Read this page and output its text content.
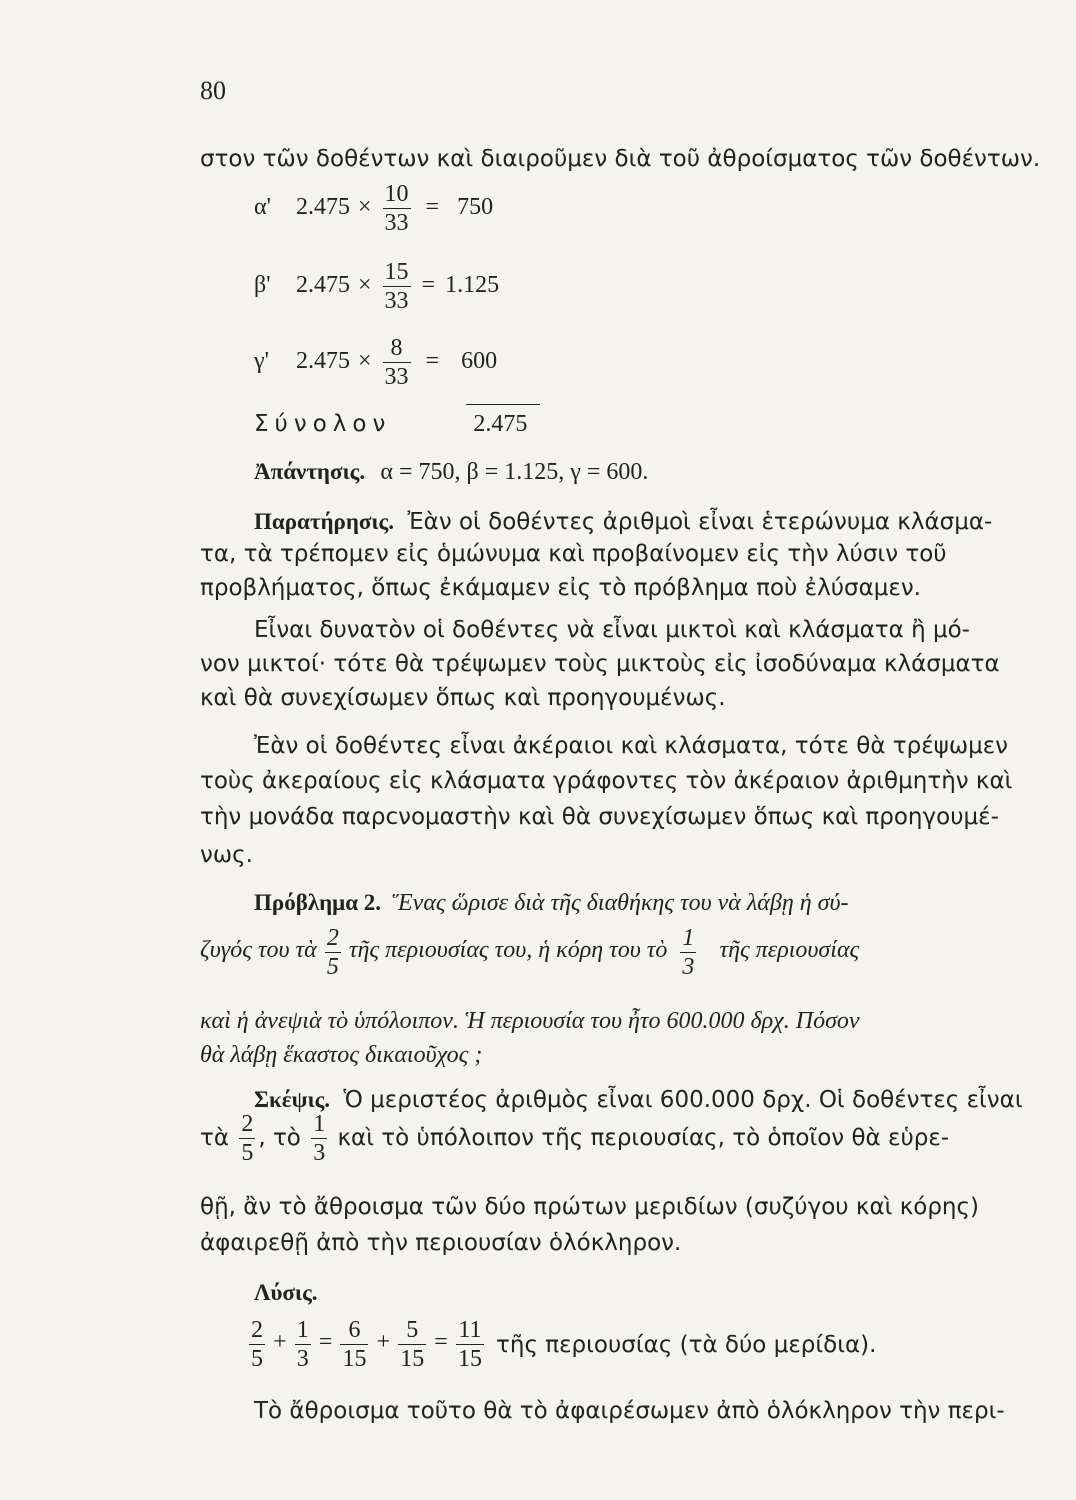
80
στον τῶν δοθέντων καὶ διαιροῦμεν διὰ τοῦ ἀθροίσματος τῶν δοθέντων.
α' $2.475 \times \frac{10}{33} = 750$
β' $2.475 \times \frac{15}{33} = 1.125$
γ' $2.475 \times \frac{8}{33} = 600$
Σύνολον	2.475
Ἀπάντησις. α = 750, β = 1.125, γ = 600.
Παρατήρησις. Ἐὰν οἱ δοθέντες ἀριθμοὶ εἶναι ἑτερώνυμα κλάσμα-
τα, τὰ τρέπομεν εἰς ὁμώνυμα καὶ προβαίνομεν εἰς τὴν λύσιν τοῦ
προβλήματος, ὅπως ἐκάμαμεν εἰς τὸ πρόβλημα ποὺ ἐλύσαμεν.
Εἶναι δυνατὸν οἱ δοθέντες νὰ εἶναι μικτοὶ καὶ κλάσματα ἢ μό-
νον μικτοί· τότε θὰ τρέψωμεν τοὺς μικτοὺς εἰς ἰσοδύναμα κλάσματα
καὶ θὰ συνεχίσωμεν ὅπως καὶ προηγουμένως.
Ἐὰν οἱ δοθέντες εἶναι ἀκέραιοι καὶ κλάσματα, τότε θὰ τρέψωμεν
τοὺς ἀκεραίους εἰς κλάσματα γράφοντες τὸν ἀκέραιον ἀριθμητὴν καὶ
τὴν μονάδα παρcνομαστὴν καὶ θὰ συνεχίσωμεν ὅπως καὶ προηγουμέ-
νως.
Πρόβλημα 2. Ἕνας ὥρισε διὰ τῆς διαθήκης του νὰ λάβῃ ἡ σύ-
ζυγός του τὰ $\frac{2}{5}$ τῆς περιουσίας του, ἡ κόρη του τὸ $\frac{1}{3}$ τῆς περιουσίας
καὶ ἡ ἀνεψιὰ τὸ ὑπόλοιπον. Ἡ περιουσία του ἦτο 600.000 δρχ. Πόσον
θὰ λάβῃ ἕκαστος δικαιοῦχος ;
Σκέψις. Ὁ μεριστέος ἀριθμὸς εἶναι 600.000 δρχ. Οἱ δοθέντες εἶναι
τὰ $\frac{2}{5}$ , τὸ $\frac{1}{3}$ καὶ τὸ ὑπόλοιπον τῆς περιουσίας, τὸ ὁποῖον θὰ εὑρε-
θῇ, ἂν τὸ ἄθροισμα τῶν δύο πρώτων μεριδίων (συζύγου καὶ κόρης)
ἀφαιρεθῇ ἀπὸ τὴν περιουσίαν ὁλόκληρον.
Λύσις.
$\frac{2}{5} + \frac{1}{3} = \frac{6}{15} + \frac{5}{15} = \frac{11}{15}$ τῆς περιουσίας (τὰ δύο μερίδια).
Τὸ ἄθροισμα τοῦτο θὰ τὸ ἀφαιρέσωμεν ἀπὸ ὁλόκληρον τὴν περι-
